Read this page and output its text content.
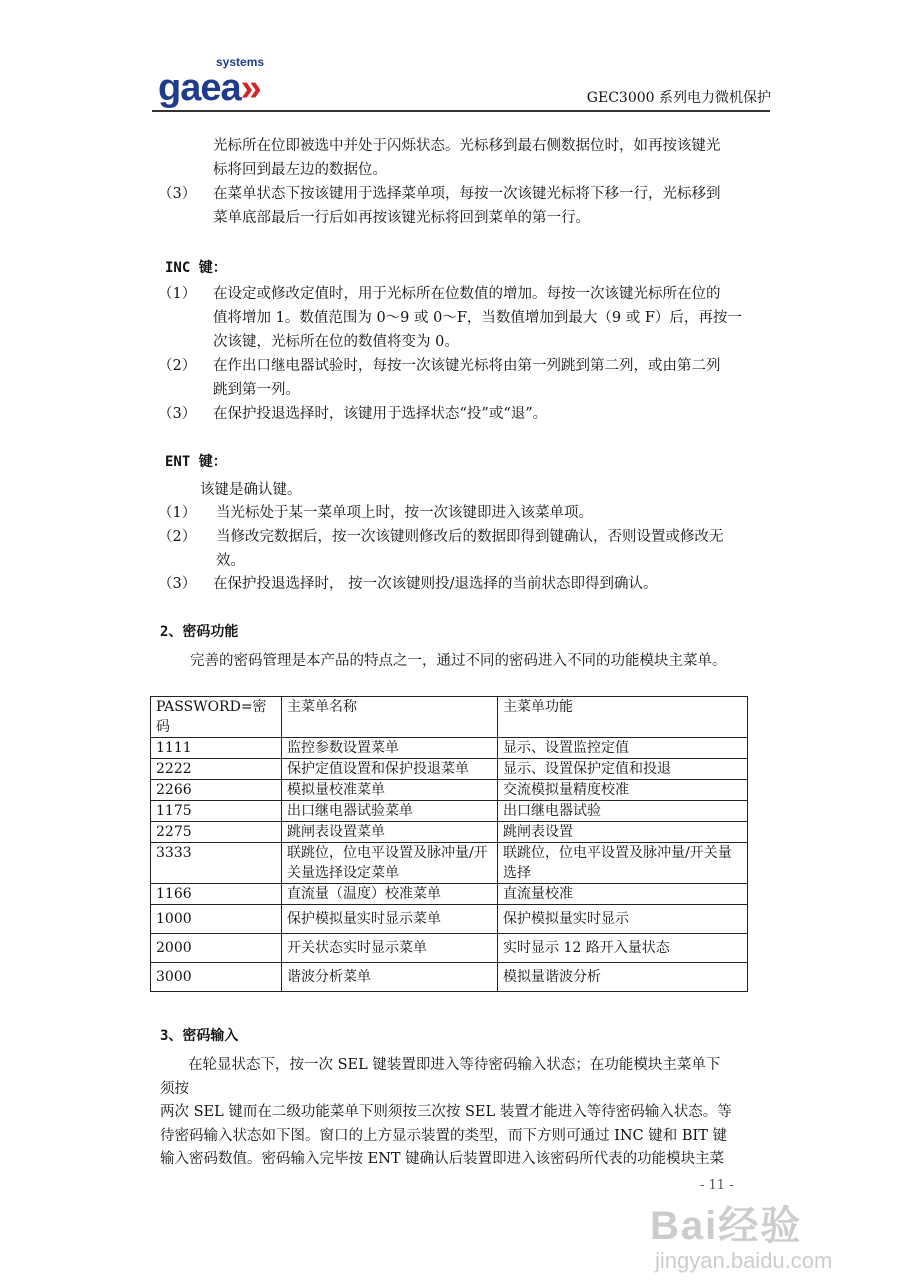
systems
gaea»	GEC3000 系列电力微机保护
光标所在位即被选中并处于闪烁状态。光标移到最右侧数据位时，如再按该键光
标将回到最左边的数据位。
（3） 在菜单状态下按该键用于选择菜单项，每按一次该键光标将下移一行，光标移到
菜单底部最后一行后如再按该键光标将回到菜单的第一行。
INC 键：
（1） 在设定或修改定值时，用于光标所在位数值的增加。每按一次该键光标所在位的
值将增加 1。数值范围为 0～9 或 0～F，当数值增加到最大（9 或 F）后，再按一
次该键，光标所在位的数值将变为 0。
（2） 在作出口继电器试验时，每按一次该键光标将由第一列跳到第二列，或由第二列
跳到第一列。
（3） 在保护投退选择时，该键用于选择状态“投”或“退”。
ENT 键：
该键是确认键。
（1） 当光标处于某一菜单项上时，按一次该键即进入该菜单项。
（2） 当修改完数据后，按一次该键则修改后的数据即得到键确认，否则设置或修改无
效。
（3） 在保护投退选择时， 按一次该键则投/退选择的当前状态即得到确认。
2、密码功能
完善的密码管理是本产品的特点之一，通过不同的密码进入不同的功能模块主菜单。
PASSWORD=密码	主菜单名称	主菜单功能
1111	监控参数设置菜单	显示、设置监控定值
2222	保护定值设置和保护投退菜单	显示、设置保护定值和投退
2266	模拟量校准菜单	交流模拟量精度校准
1175	出口继电器试验菜单	出口继电器试验
2275	跳闸表设置菜单	跳闸表设置
3333	联跳位，位电平设置及脉冲量/开关量选择设定菜单	联跳位，位电平设置及脉冲量/开关量选择
1166	直流量（温度）校准菜单	直流量校准
1000	保护模拟量实时显示菜单	保护模拟量实时显示
2000	开关状态实时显示菜单	实时显示 12 路开入量状态
3000	谐波分析菜单	模拟量谐波分析
3、密码输入
在轮显状态下，按一次 SEL 键装置即进入等待密码输入状态；在功能模块主菜单下
须按
两次 SEL 键而在二级功能菜单下则须按三次按 SEL 装置才能进入等待密码输入状态。等
待密码输入状态如下图。窗口的上方显示装置的类型，而下方则可通过 INC 键和 BIT 键
输入密码数值。密码输入完毕按 ENT 键确认后装置即进入该密码所代表的功能模块主菜
- 11 -
Bai经验
jingyan.baidu.com
